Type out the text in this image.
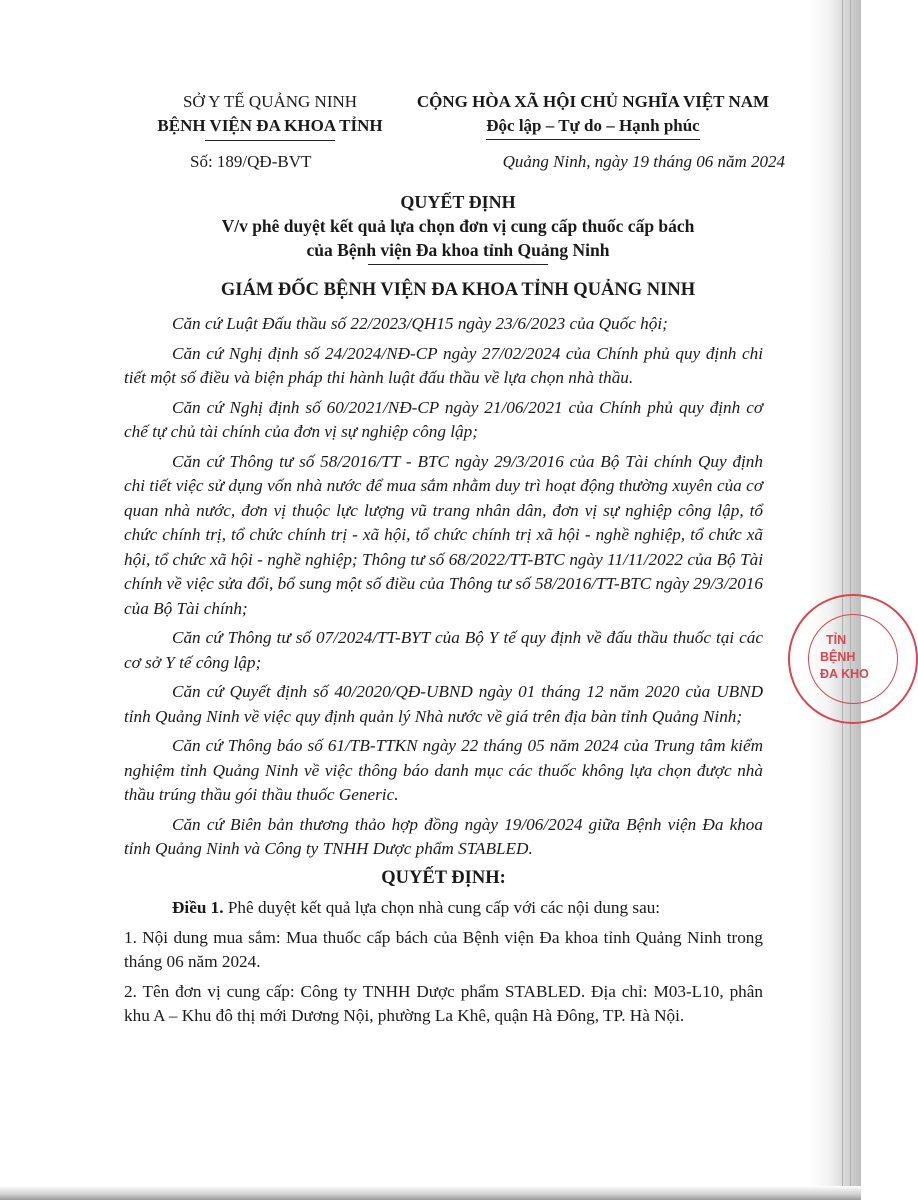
SỞ Y TẾ QUẢNG NINH
BỆNH VIỆN ĐA KHOA TỈNH
CỘNG HÒA XÃ HỘI CHỦ NGHĨA VIỆT NAM
Độc lập – Tự do – Hạnh phúc
Số: 189/QĐ-BVT	Quảng Ninh, ngày 19 tháng 06 năm 2024
QUYẾT ĐỊNH
V/v phê duyệt kết quả lựa chọn đơn vị cung cấp thuốc cấp bách
của Bệnh viện Đa khoa tỉnh Quảng Ninh
GIÁM ĐỐC BỆNH VIỆN ĐA KHOA TỈNH QUẢNG NINH

Căn cứ Luật Đấu thầu số 22/2023/QH15 ngày 23/6/2023 của Quốc hội;

Căn cứ Nghị định số 24/2024/NĐ-CP ngày 27/02/2024 của Chính phủ quy định chi tiết một số điều và biện pháp thi hành luật đấu thầu về lựa chọn nhà thầu.

Căn cứ Nghị định số 60/2021/NĐ-CP ngày 21/06/2021 của Chính phủ quy định cơ chế tự chủ tài chính của đơn vị sự nghiệp công lập;

Căn cứ Thông tư số 58/2016/TT - BTC ngày 29/3/2016 của Bộ Tài chính Quy định chi tiết việc sử dụng vốn nhà nước để mua sắm nhằm duy trì hoạt động thường xuyên của cơ quan nhà nước, đơn vị thuộc lực lượng vũ trang nhân dân, đơn vị sự nghiệp công lập, tổ chức chính trị, tổ chức chính trị - xã hội, tổ chức chính trị xã hội - nghề nghiệp, tổ chức xã hội, tổ chức xã hội - nghề nghiệp; Thông tư số 68/2022/TT-BTC ngày 11/11/2022 của Bộ Tài chính về việc sửa đổi, bổ sung một số điều của Thông tư số 58/2016/TT-BTC ngày 29/3/2016 của Bộ Tài chính;

Căn cứ Thông tư số 07/2024/TT-BYT của Bộ Y tế quy định về đấu thầu thuốc tại các cơ sở Y tế công lập;

Căn cứ Quyết định số 40/2020/QĐ-UBND ngày 01 tháng 12 năm 2020 của UBND tỉnh Quảng Ninh về việc quy định quản lý Nhà nước về giá trên địa bàn tỉnh Quảng Ninh;

Căn cứ Thông báo số 61/TB-TTKN ngày 22 tháng 05 năm 2024 của Trung tâm kiểm nghiệm tỉnh Quảng Ninh về việc thông báo danh mục các thuốc không lựa chọn được nhà thầu trúng thầu gói thầu thuốc Generic.

Căn cứ Biên bản thương thảo hợp đồng ngày 19/06/2024 giữa Bệnh viện Đa khoa tỉnh Quảng Ninh và Công ty TNHH Dược phẩm STABLED.

QUYẾT ĐỊNH:

Điều 1. Phê duyệt kết quả lựa chọn nhà cung cấp với các nội dung sau:

1. Nội dung mua sắm: Mua thuốc cấp bách của Bệnh viện Đa khoa tỉnh Quảng Ninh trong tháng 06 năm 2024.

2. Tên đơn vị cung cấp: Công ty TNHH Dược phẩm STABLED. Địa chỉ: M03-L10, phân khu A – Khu đô thị mới Dương Nội, phường La Khê, quận Hà Đông, TP. Hà Nội.

TỈN
BỆNH
ĐA KHO
